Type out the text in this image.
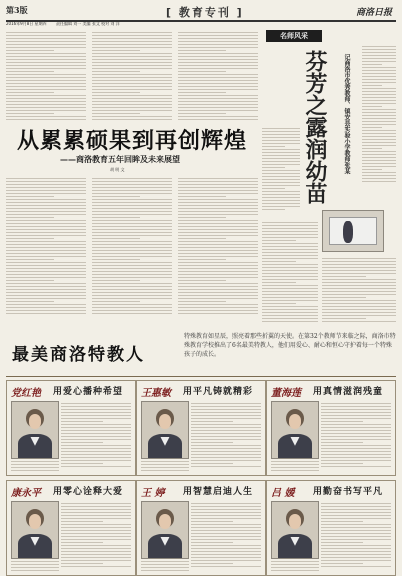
第3版	[ 教育专刊 ]	商洛日报
2016年9月8日 星期四 责任编辑 刘一 美编 张文 校对 刘 洋
从累累硕果到再创辉煌
——商洛教育五年回眸及未来展望
胡 明 文
名师风采
芬芳之露润幼苗	记商洛市优秀教师、镇安县实验小学教师张某
最美商洛特教人
特殊教育如星辰，照亮着那些折翼的天使。在第32个教师节来临之际，商洛市特殊教育学校推出了6名最美特教人，他们用爱心、耐心和恒心守护着每一个特殊孩子的成长。
党红艳 用爱心播种希望 王惠敏 用平凡铸就精彩 董海莲 用真情滋润残童
康永平 用零心诠释大爱 王 婷 用智慧启迪人生 吕 媛 用勤奋书写平凡
